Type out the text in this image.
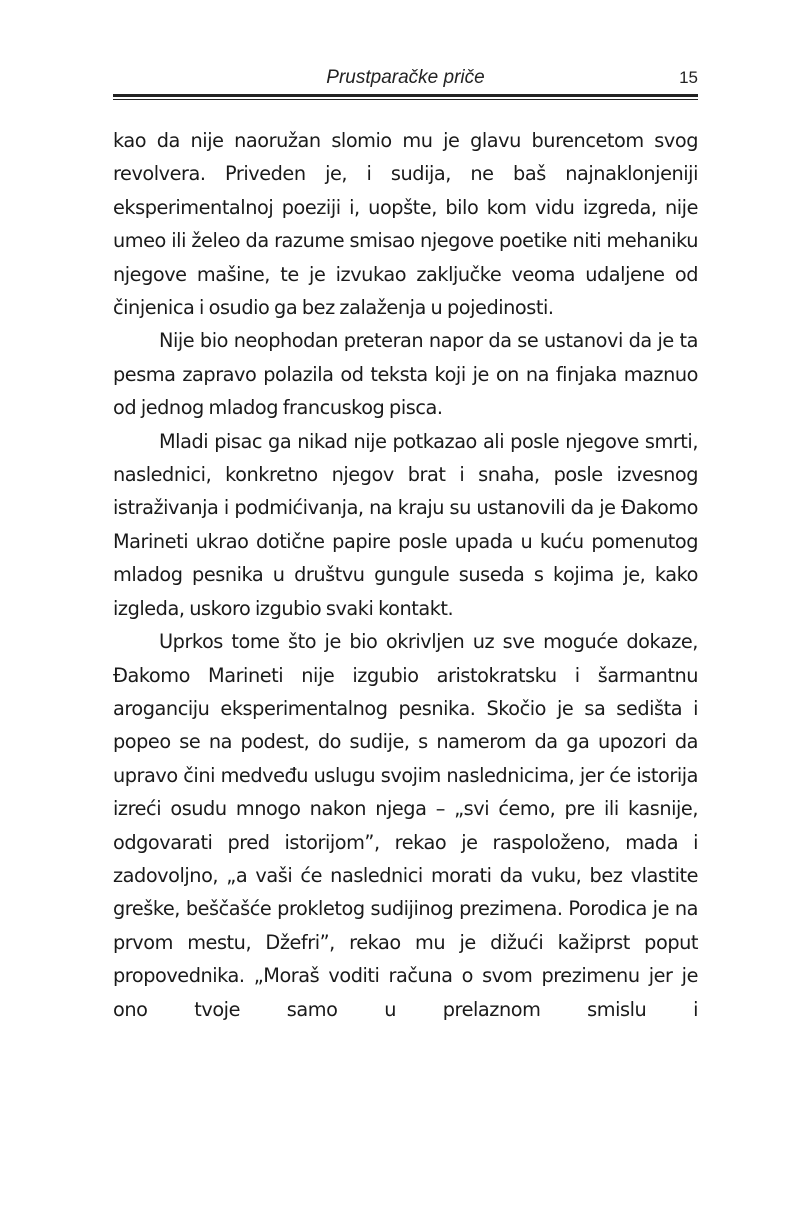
Prustparačke priče	15

kao da nije naoružan slomio mu je glavu burencetom svog revolvera. Priveden je, i sudija, ne baš najnaklonjeniji eksperimentalnoj poeziji i, uopšte, bilo kom vidu izgreda, nije umeo ili želeo da razume smisao njegove poetike niti mehaniku njegove mašine, te je izvukao zaključke veoma udaljene od činjenica i osudio ga bez zalaženja u pojedinosti.

Nije bio neophodan preteran napor da se ustanovi da je ta pesma zapravo polazila od teksta koji je on na finjaka maznuo od jednog mladog francuskog pisca.

Mladi pisac ga nikad nije potkazao ali posle njegove smrti, naslednici, konkretno njegov brat i snaha, posle izvesnog istraživanja i podmićivanja, na kraju su ustanovili da je Đakomo Marineti ukrao dotične papire posle upada u kuću pomenutog mladog pesnika u društvu gungule suseda s kojima je, kako izgleda, uskoro izgubio svaki kontakt.

Uprkos tome što je bio okrivljen uz sve moguće dokaze, Đakomo Marineti nije izgubio aristokratsku i šarmantnu aroganciju eksperimentalnog pesnika. Skočio je sa sedišta i popeo se na podest, do sudije, s namerom da ga upozori da upravo čini medveđu uslugu svojim naslednicima, jer će istorija izreći osudu mnogo nakon njega – „svi ćemo, pre ili kasnije, odgovarati pred istorijom”, rekao je raspoloženo, mada i zadovoljno, „a vaši će naslednici morati da vuku, bez vlastite greške, beščašće prokletog sudijinog prezimena. Porodica je na prvom mestu, Džefri”, rekao mu je dižući kažiprst poput propovednika. „Moraš voditi računa o svom prezimenu jer je ono tvoje samo u prelaznom smislu i
